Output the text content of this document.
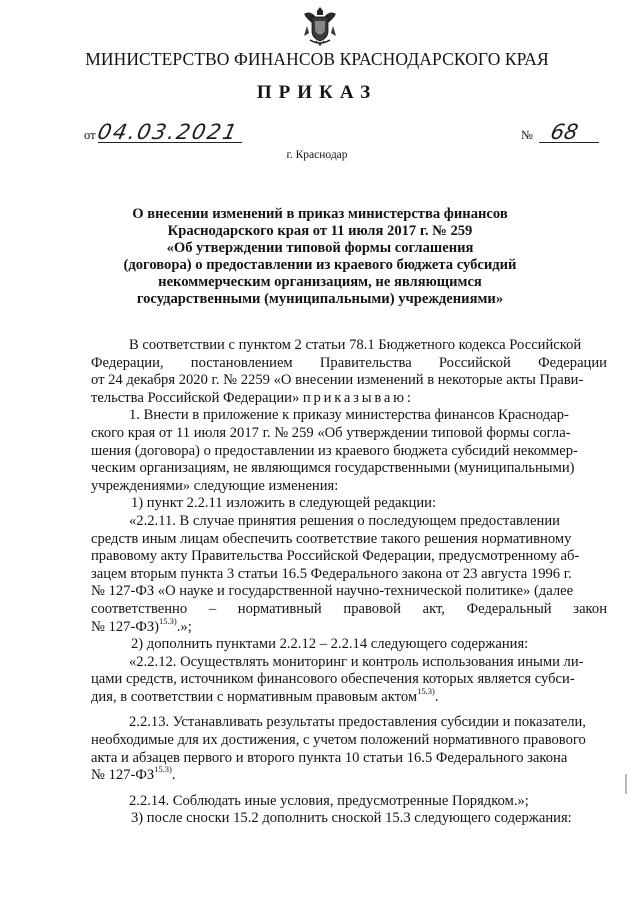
МИНИСТЕРСТВО ФИНАНСОВ КРАСНОДАРСКОГО КРАЯ
ПРИКАЗ
от 04.03.2021	№ 68
г. Краснодар
О внесении изменений в приказ министерства финансов
Краснодарского края от 11 июля 2017 г. № 259
«Об утверждении типовой формы соглашения
(договора) о предоставлении из краевого бюджета субсидий
некоммерческим организациям, не являющимся
государственными (муниципальными) учреждениями»
В соответствии с пунктом 2 статьи 78.1 Бюджетного кодекса Российской
Федерации, постановлением Правительства Российской Федерации
от 24 декабря 2020 г. № 2259 «О внесении изменений в некоторые акты Прави-
тельства Российской Федерации» приказываю:
1. Внести в приложение к приказу министерства финансов Краснодар-
ского края от 11 июля 2017 г. № 259 «Об утверждении типовой формы согла-
шения (договора) о предоставлении из краевого бюджета субсидий некоммер-
ческим организациям, не являющимся государственными (муниципальными)
учреждениями» следующие изменения:
1) пункт 2.2.11 изложить в следующей редакции:
«2.2.11. В случае принятия решения о последующем предоставлении
средств иным лицам обеспечить соответствие такого решения нормативному
правовому акту Правительства Российской Федерации, предусмотренному аб-
зацем вторым пункта 3 статьи 16.5 Федерального закона от 23 августа 1996 г.
№ 127-ФЗ «О науке и государственной научно-технической политике» (далее
соответственно – нормативный правовой акт, Федеральный закон
№ 127-ФЗ)$^{15.3)}$.»;
2) дополнить пунктами 2.2.12 – 2.2.14 следующего содержания:
«2.2.12. Осуществлять мониторинг и контроль использования иными ли-
цами средств, источником финансового обеспечения которых является субси-
дия, в соответствии с нормативным правовым актом$^{15.3)}$.
2.2.13. Устанавливать результаты предоставления субсидии и показатели,
необходимые для их достижения, с учетом положений нормативного правового
акта и абзацев первого и второго пункта 10 статьи 16.5 Федерального закона
№ $127-ФЗ^{15.3)}$.
2.2.14. Соблюдать иные условия, предусмотренные Порядком.»;
3) после сноски 15.2 дополнить сноской 15.3 следующего содержания:
